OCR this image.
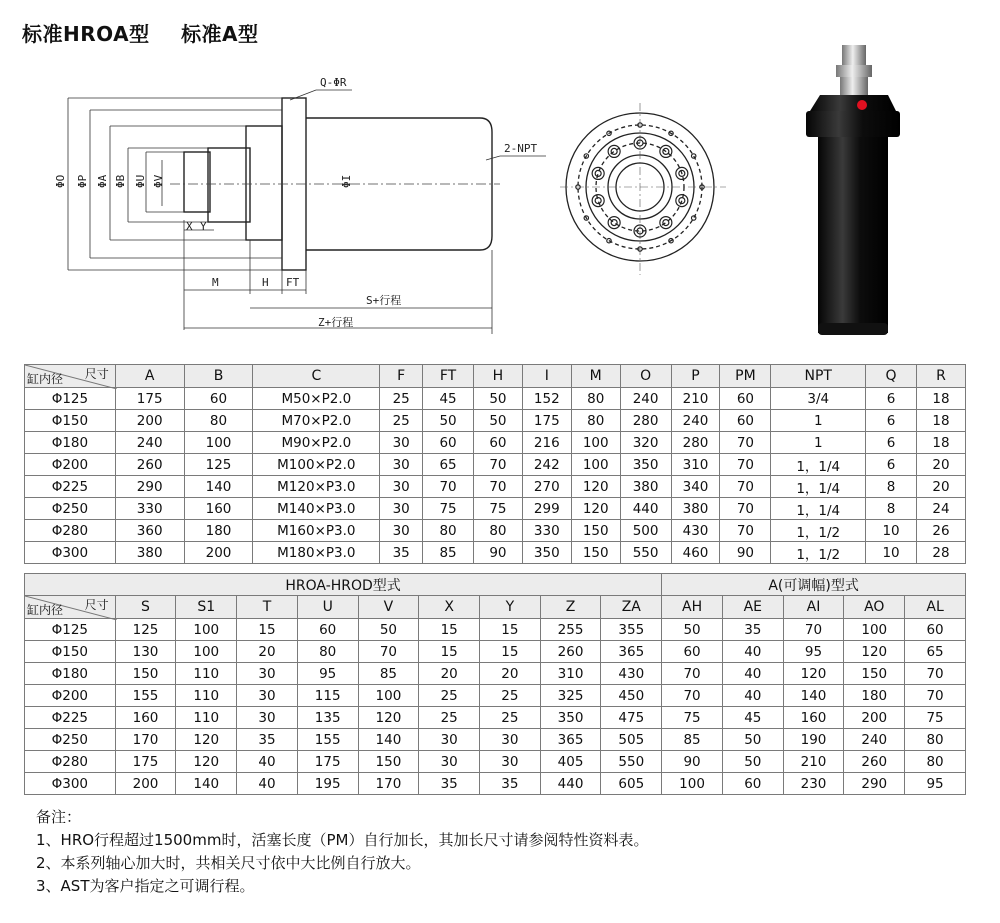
标准HROA型 标准A型
Q-ΦR
2-NPT
ΦO ΦP ΦA ΦB ΦU ΦV	ΦI
X Y
M	H FT
S+行程
Z+行程
尺寸
缸内径	A	B	C	F	FT	H	I	M	O	P	PM	NPT	Q	R
Φ125	175	60	M50×P2.0	25	45	50	152	80	240	210	60	3/4	6	18
Φ150	200	80	M70×P2.0	25	50	50	175	80	280	240	60	1	6	18
Φ180	240	100	M90×P2.0	30	60	60	216	100	320	280	70	1	6	18
Φ200	260	125	M100×P2.0	30	65	70	242	100	350	310	70	1，1/4	6	20
Φ225	290	140	M120×P3.0	30	70	70	270	120	380	340	70	1，1/4	8	20
Φ250	330	160	M140×P3.0	30	75	75	299	120	440	380	70	1，1/4	8	24
Φ280	360	180	M160×P3.0	30	80	80	330	150	500	430	70	1，1/2	10	26
Φ300	380	200	M180×P3.0	35	85	90	350	150	550	460	90	1，1/2	10	28
HROA-HROD型式										A(可调幅)型式				

尺寸
缸内径	S	S1	T	U	V	X	Y	Z	ZA	AH	AE	AI	AO	AL
Φ125	125	100	15	60	50	15	15	255	355	50	35	70	100	60
Φ150	130	100	20	80	70	15	15	260	365	60	40	95	120	65
Φ180	150	110	30	95	85	20	20	310	430	70	40	120	150	70
Φ200	155	110	30	115	100	25	25	325	450	70	40	140	180	70
Φ225	160	110	30	135	120	25	25	350	475	75	45	160	200	75
Φ250	170	120	35	155	140	30	30	365	505	85	50	190	240	80
Φ280	175	120	40	175	150	30	30	405	550	90	50	210	260	80
Φ300	200	140	40	195	170	35	35	440	605	100	60	230	290	95
备注：
1、HRO行程超过1500mm时，活塞长度（PM）自行加长，其加长尺寸请参阅特性资料表。
2、本系列轴心加大时，共相关尺寸依中大比例自行放大。
3、AST为客户指定之可调行程。
